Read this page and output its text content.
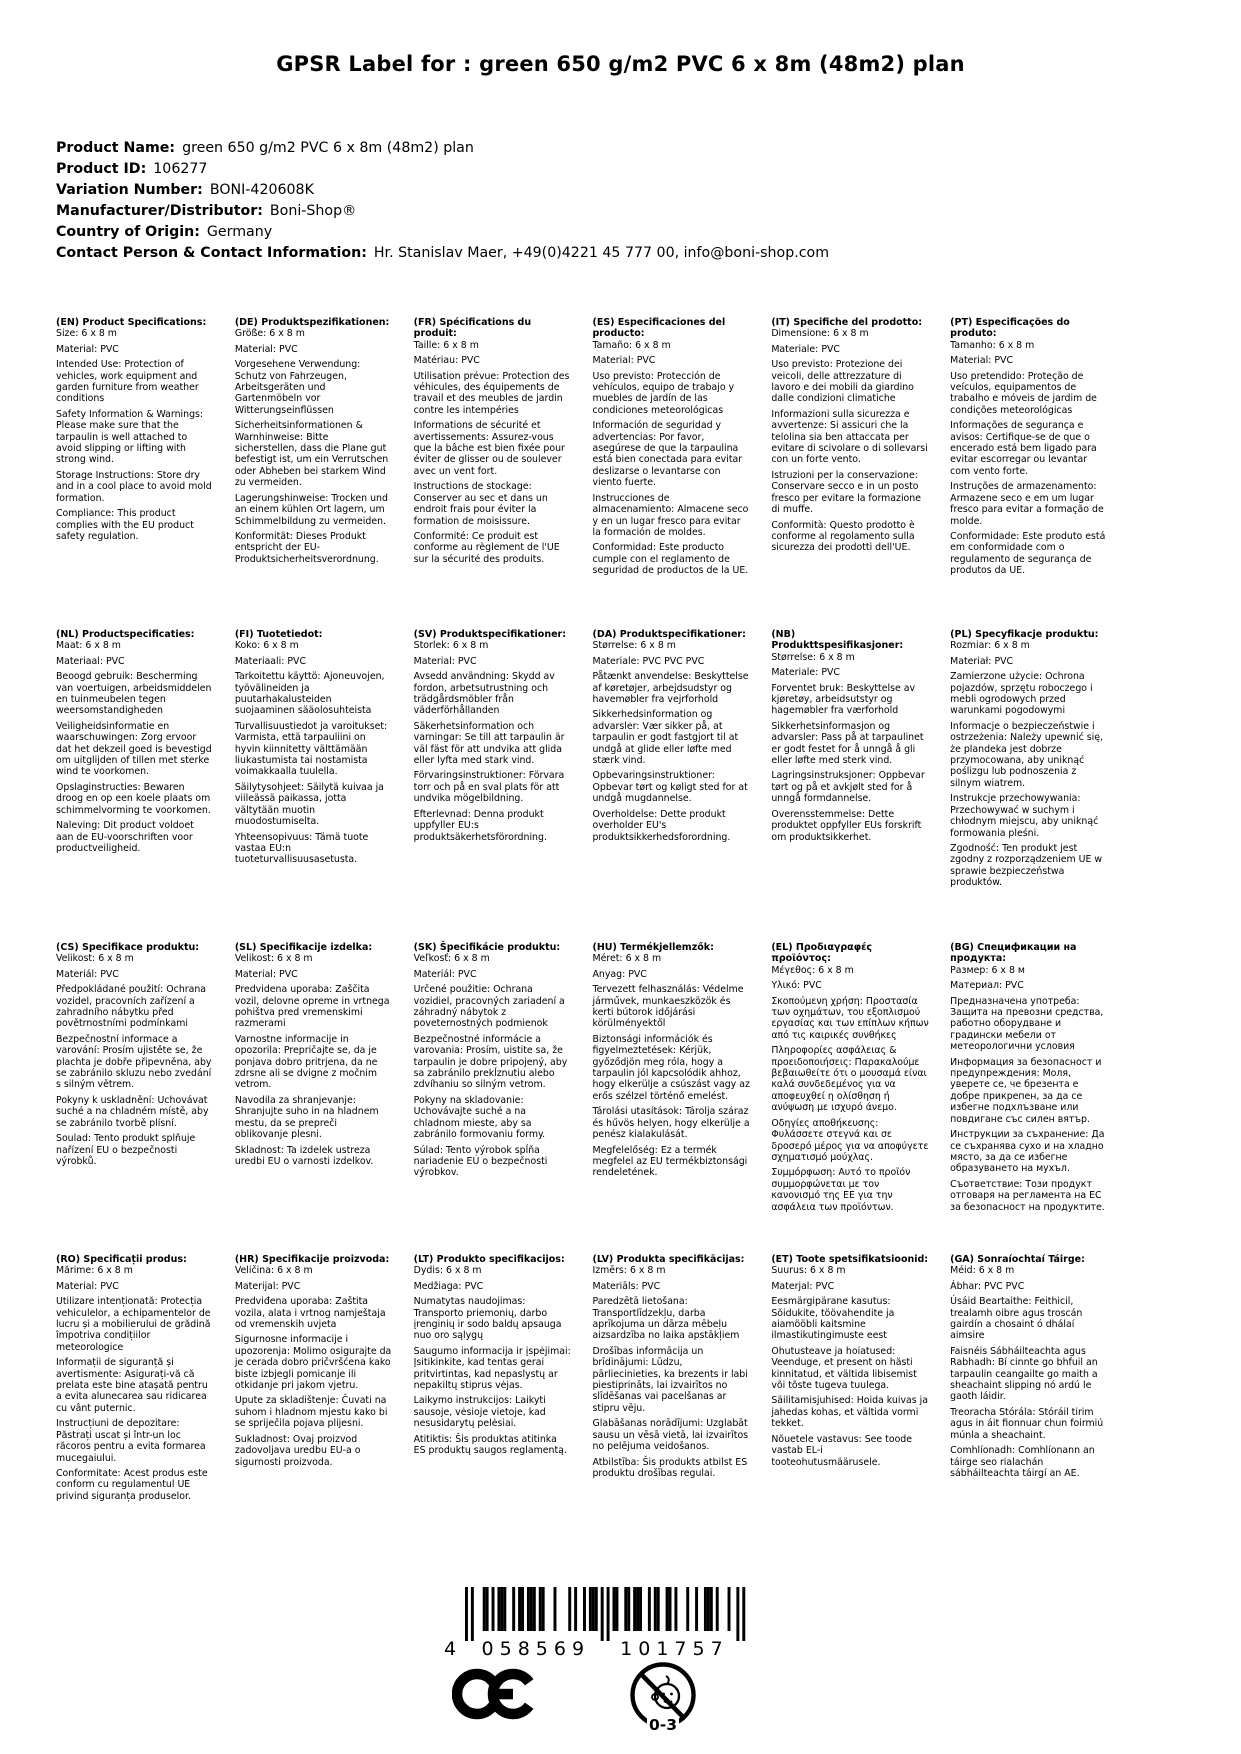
GPSR Label for : green 650 g/m2 PVC 6 x 8m (48m2) plan
Product Name: green 650 g/m2 PVC 6 x 8m (48m2) plan
Product ID: 106277
Variation Number: BONI-420608K
Manufacturer/Distributor: Boni-Shop®
Country of Origin: Germany
Contact Person & Contact Information: Hr. Stanislav Maer, +49(0)4221 45 777 00, info@boni-shop.com
(EN) Product Specifications:

Size: 6 x 8 m

Material: PVC

Intended Use: Protection of vehicles, work equipment and garden furniture from weather conditions

Safety Information & Warnings: Please make sure that the tarpaulin is well attached to avoid slipping or lifting with strong wind.

Storage Instructions: Store dry and in a cool place to avoid mold formation.

Compliance: This product complies with the EU product safety regulation.

(DE) Produktspezifikationen:

Größe: 6 x 8 m

Material: PVC

Vorgesehene Verwendung: Schutz von Fahrzeugen, Arbeitsgeräten und Gartenmöbeln vor Witterungseinflüssen

Sicherheitsinformationen & Warnhinweise: Bitte sicherstellen, dass die Plane gut befestigt ist, um ein Verrutschen oder Abheben bei starkem Wind zu vermeiden.

Lagerungshinweise: Trocken und an einem kühlen Ort lagern, um Schimmelbildung zu vermeiden.

Konformität: Dieses Produkt entspricht der EU-Produktsicherheitsverordnung.

(FR) Spécifications du produit:

Taille: 6 x 8 m

Matériau: PVC

Utilisation prévue: Protection des véhicules, des équipements de travail et des meubles de jardin contre les intempéries

Informations de sécurité et avertissements: Assurez-vous que la bâche est bien fixée pour éviter de glisser ou de soulever avec un vent fort.

Instructions de stockage: Conserver au sec et dans un endroit frais pour éviter la formation de moisissure.

Conformité: Ce produit est conforme au règlement de l'UE sur la sécurité des produits.

(ES) Especificaciones del producto:

Tamaño: 6 x 8 m

Material: PVC

Uso previsto: Protección de vehículos, equipo de trabajo y muebles de jardín de las condiciones meteorológicas

Información de seguridad y advertencias: Por favor, asegúrese de que la tarpaulina está bien conectada para evitar deslizarse o levantarse con viento fuerte.

Instrucciones de almacenamiento: Almacene seco y en un lugar fresco para evitar la formación de moldes.

Conformidad: Este producto cumple con el reglamento de seguridad de productos de la UE.

(IT) Specifiche del prodotto:

Dimensione: 6 x 8 m

Materiale: PVC

Uso previsto: Protezione dei veicoli, delle attrezzature di lavoro e dei mobili da giardino dalle condizioni climatiche

Informazioni sulla sicurezza e avvertenze: Si assicuri che la telolina sia ben attaccata per evitare di scivolare o di sollevarsi con un forte vento.

Istruzioni per la conservazione: Conservare secco e in un posto fresco per evitare la formazione di muffe.

Conformità: Questo prodotto è conforme al regolamento sulla sicurezza dei prodotti dell'UE.

(PT) Especificações do produto:

Tamanho: 6 x 8 m

Material: PVC

Uso pretendido: Proteção de veículos, equipamentos de trabalho e móveis de jardim de condições meteorológicas

Informações de segurança e avisos: Certifique-se de que o encerado está bem ligado para evitar escorregar ou levantar com vento forte.

Instruções de armazenamento: Armazene seco e em um lugar fresco para evitar a formação de molde.

Conformidade: Este produto está em conformidade com o regulamento de segurança de produtos da UE.

(NL) Productspecificaties:

Maat: 6 x 8 m

Materiaal: PVC

Beoogd gebruik: Bescherming van voertuigen, arbeidsmiddelen en tuinmeubelen tegen weersomstandigheden

Veiligheidsinformatie en waarschuwingen: Zorg ervoor dat het dekzeil goed is bevestigd om uitglijden of tillen met sterke wind te voorkomen.

Opslaginstructies: Bewaren droog en op een koele plaats om schimmelvorming te voorkomen.

Naleving: Dit product voldoet aan de EU-voorschriften voor productveiligheid.

(FI) Tuotetiedot:

Koko: 6 x 8 m

Materiaali: PVC

Tarkoitettu käyttö: Ajoneuvojen, työvälineiden ja puutarhakalusteiden suojaaminen sääolosuhteista

Turvallisuustiedot ja varoitukset: Varmista, että tarpauliini on hyvin kiinnitetty välttämään liukastumista tai nostamista voimakkaalla tuulella.

Säilytysohjeet: Säilytä kuivaa ja viileässä paikassa, jotta vältytään muotin muodostumiselta.

Yhteensopivuus: Tämä tuote vastaa EU:n tuoteturvallisuusasetusta.

(SV) Produktspecifikationer:

Storlek: 6 x 8 m

Material: PVC

Avsedd användning: Skydd av fordon, arbetsutrustning och trädgårdsmöbler från väderförhållanden

Säkerhetsinformation och varningar: Se till att tarpaulin är väl fäst för att undvika att glida eller lyfta med stark vind.

Förvaringsinstruktioner: Förvara torr och på en sval plats för att undvika mögelbildning.

Efterlevnad: Denna produkt uppfyller EU:s produktsäkerhetsförordning.

(DA) Produktspecifikationer:

Størrelse: 6 x 8 m

Materiale: PVC PVC PVC

Påtænkt anvendelse: Beskyttelse af køretøjer, arbejdsudstyr og havemøbler fra vejrforhold

Sikkerhedsinformation og advarsler: Vær sikker på, at tarpaulin er godt fastgjort til at undgå at glide eller løfte med stærk vind.

Opbevaringsinstruktioner: Opbevar tørt og køligt sted for at undgå mugdannelse.

Overholdelse: Dette produkt overholder EU's produktsikkerhedsforordning.

(NB) Produkttspesifikasjoner:

Størrelse: 6 x 8 m

Materiale: PVC

Forventet bruk: Beskyttelse av kjøretøy, arbeidsutstyr og hagemøbler fra værforhold

Sikkerhetsinformasjon og advarsler: Pass på at tarpaulinet er godt festet for å unngå å gli eller løfte med sterk vind.

Lagringsinstruksjoner: Oppbevar tørt og på et avkjølt sted for å unngå formdannelse.

Overensstemmelse: Dette produktet oppfyller EUs forskrift om produktsikkerhet.

(PL) Specyfikacje produktu:

Rozmiar: 6 x 8 m

Materiał: PVC

Zamierzone użycie: Ochrona pojazdów, sprzętu roboczego i mebli ogrodowych przed warunkami pogodowymi

Informacje o bezpieczeństwie i ostrzeżenia: Należy upewnić się, że plandeka jest dobrze przymocowana, aby uniknąć poślizgu lub podnoszenia z silnym wiatrem.

Instrukcje przechowywania: Przechowywać w suchym i chłodnym miejscu, aby uniknąć formowania pleśni.

Zgodność: Ten produkt jest zgodny z rozporządzeniem UE w sprawie bezpieczeństwa produktów.

(CS) Specifikace produktu:

Velikost: 6 x 8 m

Materiál: PVC

Předpokládané použití: Ochrana vozidel, pracovních zařízení a zahradního nábytku před povětrnostními podmínkami

Bezpečnostní informace a varování: Prosím ujistěte se, že plachta je dobře připevněna, aby se zabránilo skluzu nebo zvedání s silným větrem.

Pokyny k uskladnění: Uchovávat suché a na chladném místě, aby se zabránilo tvorbě plísní.

Soulad: Tento produkt splňuje nařízení EU o bezpečnosti výrobků.

(SL) Specifikacije izdelka:

Velikost: 6 x 8 m

Material: PVC

Predvidena uporaba: Zaščita vozil, delovne opreme in vrtnega pohištva pred vremenskimi razmerami

Varnostne informacije in opozorila: Prepričajte se, da je ponjava dobro pritrjena, da ne zdrsne ali se dvigne z močnim vetrom.

Navodila za shranjevanje: Shranjujte suho in na hladnem mestu, da se prepreči oblikovanje plesni.

Skladnost: Ta izdelek ustreza uredbi EU o varnosti izdelkov.

(SK) Špecifikácie produktu:

Veľkosť: 6 x 8 m

Materiál: PVC

Určené použitie: Ochrana vozidiel, pracovných zariadení a záhradný nábytok z poveternostných podmienok

Bezpečnostné informácie a varovania: Prosím, uistite sa, že tarpaulin je dobre pripojený, aby sa zabránilo prekĺznutiu alebo zdvíhaniu so silným vetrom.

Pokyny na skladovanie: Uchovávajte suché a na chladnom mieste, aby sa zabránilo formovaniu formy.

Súlad: Tento výrobok spĺňa nariadenie EÚ o bezpečnosti výrobkov.

(HU) Termékjellemzők:

Méret: 6 x 8 m

Anyag: PVC

Tervezett felhasználás: Védelme járművek, munkaeszközök és kerti bútorok időjárási körülményektől

Biztonsági információk és figyelmeztetések: Kérjük, győződjön meg róla, hogy a tarpaulin jól kapcsolódik ahhoz, hogy elkerülje a csúszást vagy az erős szélzel történő emelést.

Tárolási utasítások: Tárolja száraz és hűvös helyen, hogy elkerülje a penész kialakulását.

Megfelelőség: Ez a termék megfelel az EU termékbiztonsági rendeletének.

(EL) Προδιαγραφές προϊόντος:

Μέγεθος: 6 x 8 m

Υλικό: PVC

Σκοπούμενη χρήση: Προστασία των οχημάτων, του εξοπλισμού εργασίας και των επίπλων κήπων από τις καιρικές συνθήκες

Πληροφορίες ασφάλειας & προειδοποιήσεις: Παρακαλούμε βεβαιωθείτε ότι ο μουσαμά είναι καλά συνδεδεμένος για να αποφευχθεί η ολίσθηση ή ανύψωση με ισχυρό άνεμο.

Οδηγίες αποθήκευσης: Φυλάσσετε στεγνά και σε δροσερό μέρος για να αποφύγετε σχηματισμό μούχλας.

Συμμόρφωση: Αυτό το προϊόν συμμορφώνεται με τον κανονισμό της ΕΕ για την ασφάλεια των προϊόντων.

(BG) Спецификации на продукта:

Размер: 6 x 8 м

Материал: PVC

Предназначена употреба: Защита на превозни средства, работно оборудване и градински мебели от метеорологични условия

Информация за безопасност и предупреждения: Моля, уверете се, че брезента е добре прикрепен, за да се избегне подхлъзване или повдигане със силен вятър.

Инструкции за съхранение: Да се съхранява сухо и на хладно място, за да се избегне образуването на мухъл.

Съответствие: Този продукт отговаря на регламента на ЕС за безопасност на продуктите.

(RO) Specificații produs:

Mărime: 6 x 8 m

Material: PVC

Utilizare intenționată: Protecția vehiculelor, a echipamentelor de lucru și a mobilierului de grădină împotriva condițiilor meteorologice

Informații de siguranță și avertismente: Asigurați-vă că prelata este bine atașată pentru a evita alunecarea sau ridicarea cu vânt puternic.

Instrucțiuni de depozitare: Păstrați uscat și într-un loc răcoros pentru a evita formarea mucegaiului.

Conformitate: Acest produs este conform cu regulamentul UE privind siguranța produselor.

(HR) Specifikacije proizvoda:

Veličina: 6 x 8 m

Materijal: PVC

Predviđena uporaba: Zaštita vozila, alata i vrtnog namještaja od vremenskih uvjeta

Sigurnosne informacije i upozorenja: Molimo osigurajte da je cerada dobro pričvršćena kako biste izbjegli pomicanje ili otkidanje pri jakom vjetru.

Upute za skladištenje: Čuvati na suhom i hladnom mjestu kako bi se spriječila pojava plijesni.

Sukladnost: Ovaj proizvod zadovoljava uredbu EU-a o sigurnosti proizvoda.

(LT) Produkto specifikacijos:

Dydis: 6 x 8 m

Medžiaga: PVC

Numatytas naudojimas: Transporto priemonių, darbo įrenginių ir sodo baldų apsauga nuo oro sąlygų

Saugumo informacija ir įspėjimai: Įsitikinkite, kad tentas gerai pritvirtintas, kad nepaslystų ar nepakiltų stiprus vėjas.

Laikymo instrukcijos: Laikyti sausoje, vėsioje vietoje, kad nesusidarytų pelėsiai.

Atitiktis: Šis produktas atitinka ES produktų saugos reglamentą.

(LV) Produkta specifikācijas:

Izmērs: 6 x 8 m

Materiāls: PVC

Paredzētā lietošana: Transportlīdzekļu, darba aprīkojuma un dārza mēbeļu aizsardzība no laika apstākļiem

Drošības informācija un brīdinājumi: Lūdzu, pārliecinieties, ka brezents ir labi piestiprināts, lai izvairītos no slīdēšanas vai pacelšanas ar stipru vēju.

Glabāšanas norādījumi: Uzglabāt sausu un vēsā vietā, lai izvairītos no pelējuma veidošanos.

Atbilstība: Šis produkts atbilst ES produktu drošības regulai.

(ET) Toote spetsifikatsioonid:

Suurus: 6 x 8 m

Materjal: PVC

Eesmärgipärane kasutus: Sõidukite, töövahendite ja aiamööbli kaitsmine ilmastikutingimuste eest

Ohutusteave ja hoiatused: Veenduge, et present on hästi kinnitatud, et vältida libisemist või tõste tugeva tuulega.

Säilitamisjuhised: Hoida kuivas ja jahedas kohas, et vältida vormi tekket.

Nõuetele vastavus: See toode vastab EL-i tooteohutusmäärusele.

(GA) Sonraíochtaí Táirge:

Méid: 6 x 8 m

Ábhar: PVC PVC

Úsáid Beartaithe: Feithicil, trealamh oibre agus troscán gairdín a chosaint ó dhálaí aimsire

Faisnéis Sábháilteachta agus Rabhadh: Bí cinnte go bhfuil an tarpaulin ceangailte go maith a sheachaint slipping nó ardú le gaoth láidir.

Treoracha Stórála: Stóráil tirim agus in áit fionnuar chun foirmiú múnla a sheachaint.

Comhlíonadh: Comhlíonann an táirge seo rialachán sábháilteachta táirgí an AE.

4 058569 101757
0-3
